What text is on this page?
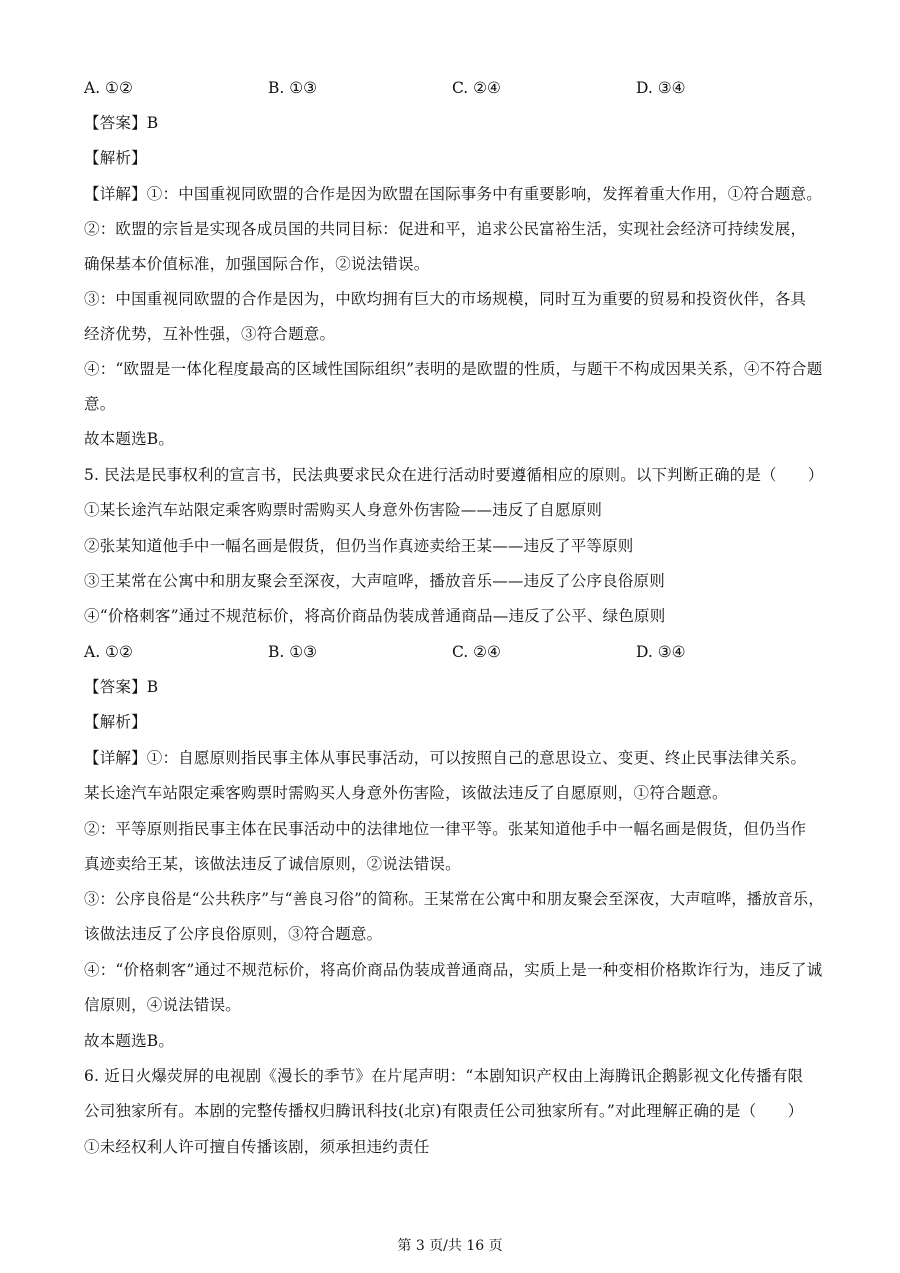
A. ①②	B. ①③	C. ②④	D. ③④
【答案】B
【解析】
【详解】①：中国重视同欧盟的合作是因为欧盟在国际事务中有重要影响，发挥着重大作用，①符合题意。
②：欧盟的宗旨是实现各成员国的共同目标：促进和平，追求公民富裕生活，实现社会经济可持续发展，
确保基本价值标准，加强国际合作，②说法错误。
③：中国重视同欧盟的合作是因为，中欧均拥有巨大的市场规模，同时互为重要的贸易和投资伙伴，各具
经济优势，互补性强，③符合题意。
④：“欧盟是一体化程度最高的区域性国际组织”表明的是欧盟的性质，与题干不构成因果关系，④不符合题
意。
故本题选B。
5. 民法是民事权利的宣言书，民法典要求民众在进行活动时要遵循相应的原则。以下判断正确的是（　　）
①某长途汽车站限定乘客购票时需购买人身意外伤害险——违反了自愿原则
②张某知道他手中一幅名画是假货，但仍当作真迹卖给王某——违反了平等原则
③王某常在公寓中和朋友聚会至深夜，大声喧哗，播放音乐——违反了公序良俗原则
④“价格刺客”通过不规范标价，将高价商品伪装成普通商品—违反了公平、绿色原则
A. ①②	B. ①③	C. ②④	D. ③④
【答案】B
【解析】
【详解】①：自愿原则指民事主体从事民事活动，可以按照自己的意思设立、变更、终止民事法律关系。
某长途汽车站限定乘客购票时需购买人身意外伤害险，该做法违反了自愿原则，①符合题意。
②：平等原则指民事主体在民事活动中的法律地位一律平等。张某知道他手中一幅名画是假货，但仍当作
真迹卖给王某，该做法违反了诚信原则，②说法错误。
③：公序良俗是“公共秩序”与“善良习俗”的简称。王某常在公寓中和朋友聚会至深夜，大声喧哗，播放音乐，
该做法违反了公序良俗原则，③符合题意。
④：“价格刺客”通过不规范标价，将高价商品伪装成普通商品，实质上是一种变相价格欺诈行为，违反了诚
信原则，④说法错误。
故本题选B。
6. 近日火爆荧屏的电视剧《漫长的季节》在片尾声明：“本剧知识产权由上海腾讯企鹅影视文化传播有限
公司独家所有。本剧的完整传播权归腾讯科技(北京)有限责任公司独家所有。”对此理解正确的是（　　）
①未经权利人许可擅自传播该剧，须承担违约责任
第 3 页/共 16 页
